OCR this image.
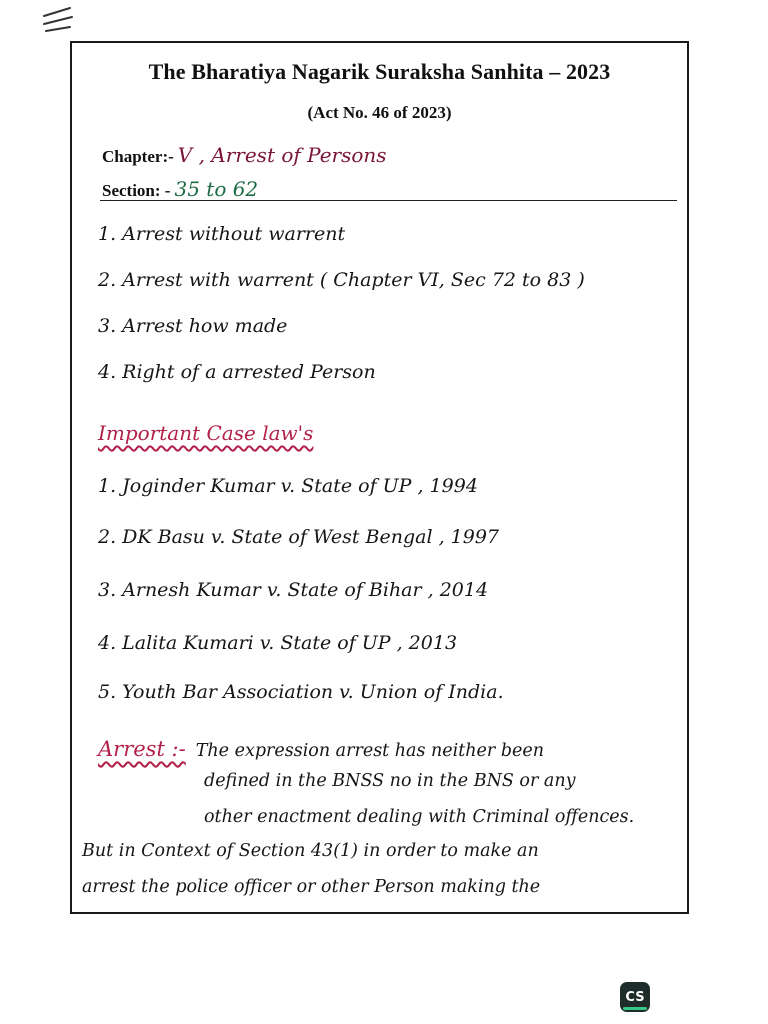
The Bharatiya Nagarik Suraksha Sanhita – 2023
(Act No. 46 of 2023)
Chapter:- V , Arrest of Persons
Section: - 35 to 62
1. Arrest without warrent
2. Arrest with warrent ( Chapter VI, Sec 72 to 83 )
3. Arrest how made
4. Right of a arrested Person
Important Case law's
1. Joginder Kumar v. State of UP , 1994
2. DK Basu v. State of West Bengal , 1997
3. Arnesh Kumar v. State of Bihar , 2014
4. Lalita Kumari v. State of UP , 2013
5. Youth Bar Association v. Union of India.
Arrest :- The expression arrest has neither been
defined in the BNSS no in the BNS or any
other enactment dealing with Criminal offences.
But in Context of Section 43(1) in order to make an
arrest the police officer or other Person making the
CS
